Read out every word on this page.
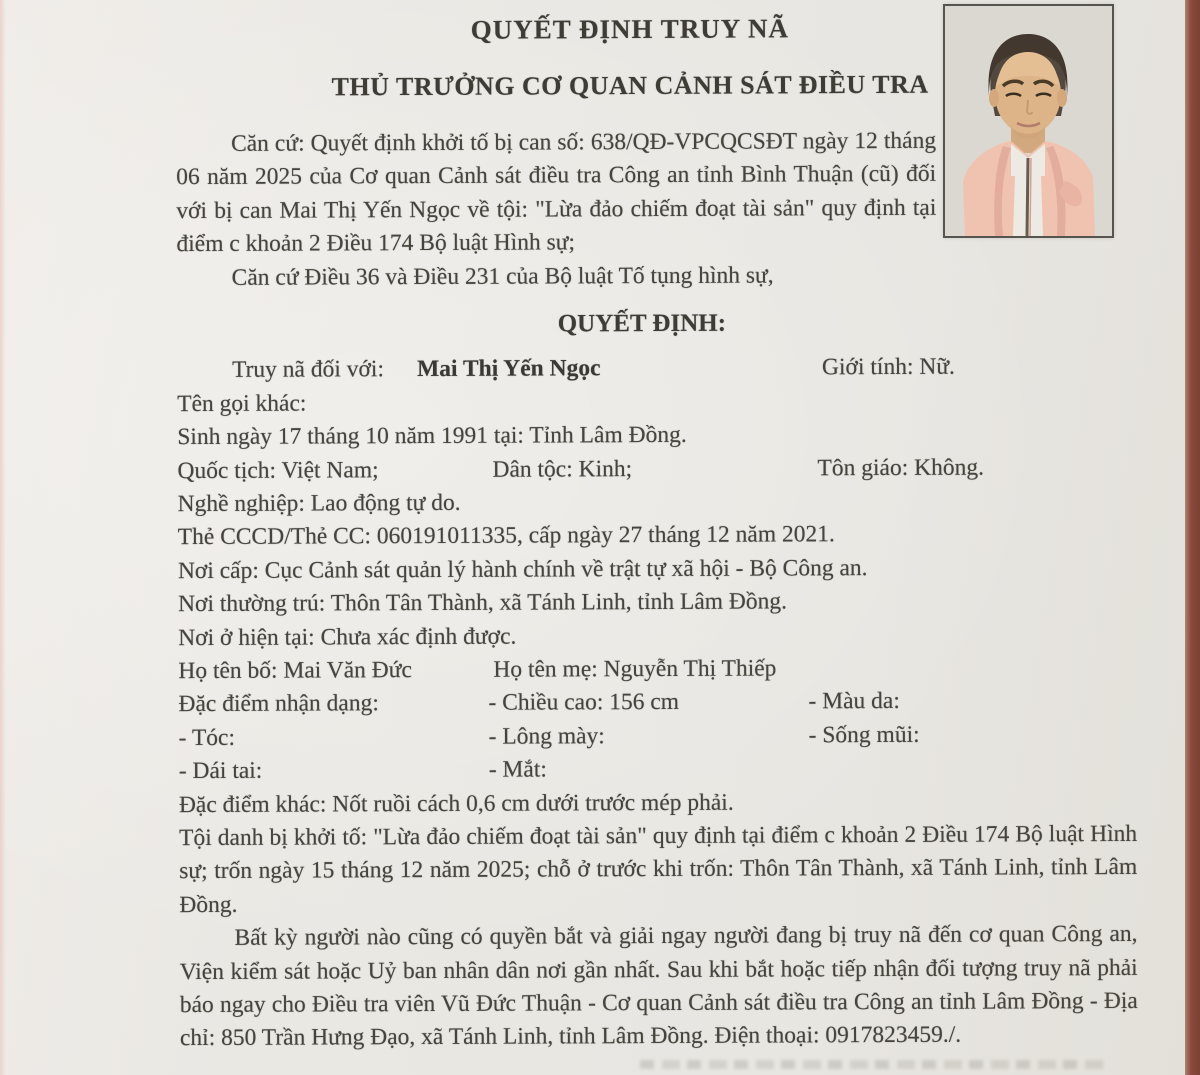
QUYẾT ĐỊNH TRUY NÃ
THỦ TRƯỞNG CƠ QUAN CẢNH SÁT ĐIỀU TRA

Căn cứ: Quyết định khởi tố bị can số: 638/QĐ-VPCQCSĐT ngày 12 tháng 06 năm 2025 của Cơ quan Cảnh sát điều tra Công an tỉnh Bình Thuận (cũ) đối với bị can Mai Thị Yến Ngọc về tội: "Lừa đảo chiếm đoạt tài sản" quy định tại điểm c khoản 2 Điều 174 Bộ luật Hình sự;

Căn cứ Điều 36 và Điều 231 của Bộ luật Tố tụng hình sự,

QUYẾT ĐỊNH:
Truy nã đối với: Mai Thị Yến Ngọc	Giới tính: Nữ.
Tên gọi khác:
Sinh ngày 17 tháng 10 năm 1991 tại: Tỉnh Lâm Đồng.
Quốc tịch: Việt Nam;	Dân tộc: Kinh;	Tôn giáo: Không.
Nghề nghiệp: Lao động tự do.
Thẻ CCCD/Thẻ CC: 060191011335, cấp ngày 27 tháng 12 năm 2021.
Nơi cấp: Cục Cảnh sát quản lý hành chính về trật tự xã hội - Bộ Công an.
Nơi thường trú: Thôn Tân Thành, xã Tánh Linh, tỉnh Lâm Đồng.
Nơi ở hiện tại: Chưa xác định được.
Họ tên bố: Mai Văn Đức	Họ tên mẹ: Nguyễn Thị Thiếp
Đặc điểm nhận dạng:	- Chiều cao: 156 cm	- Màu da:
- Tóc:	- Lông mày:	- Sống mũi:
- Dái tai:	- Mắt:
Đặc điểm khác: Nốt ruồi cách 0,6 cm dưới trước mép phải.

Tội danh bị khởi tố: "Lừa đảo chiếm đoạt tài sản" quy định tại điểm c khoản 2 Điều 174 Bộ luật Hình sự; trốn ngày 15 tháng 12 năm 2025; chỗ ở trước khi trốn: Thôn Tân Thành, xã Tánh Linh, tỉnh Lâm Đồng.

Bất kỳ người nào cũng có quyền bắt và giải ngay người đang bị truy nã đến cơ quan Công an, Viện kiểm sát hoặc Uỷ ban nhân dân nơi gần nhất. Sau khi bắt hoặc tiếp nhận đối tượng truy nã phải báo ngay cho Điều tra viên Vũ Đức Thuận - Cơ quan Cảnh sát điều tra Công an tỉnh Lâm Đồng - Địa chỉ: 850 Trần Hưng Đạo, xã Tánh Linh, tỉnh Lâm Đồng. Điện thoại: 0917823459./.
